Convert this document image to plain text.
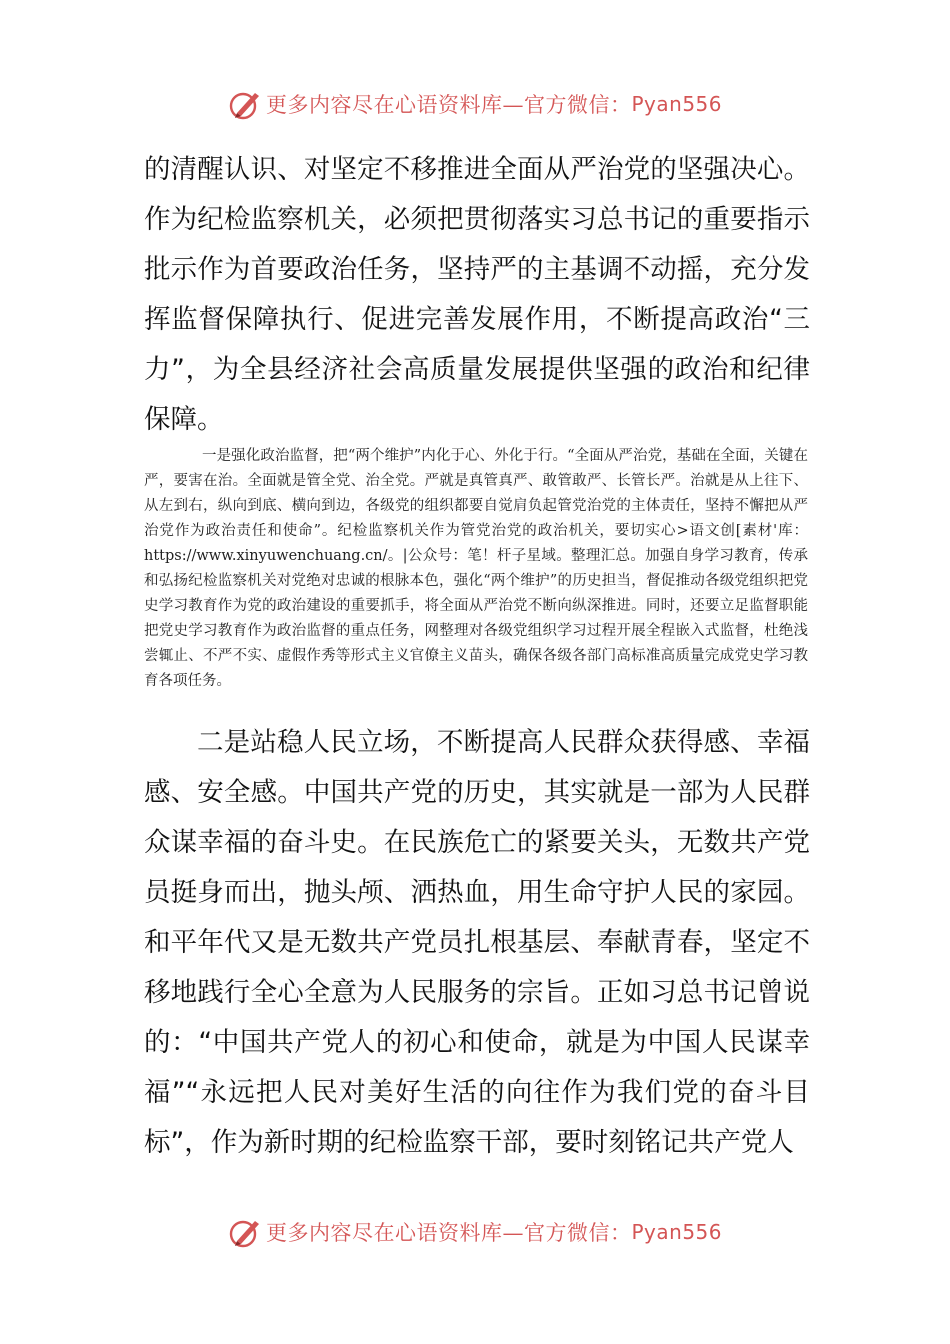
更多内容尽在心语资料库—官方微信： Pyan556

的清醒认识、对坚定不移推进全面从严治党的坚强决心。作为纪检监察机关，必须把贯彻落实习总书记的重要指示批示作为首要政治任务，坚持严的主基调不动摇，充分发挥监督保障执行、促进完善发展作用，不断提高政治“三力”，为全县经济社会高质量发展提供坚强的政治和纪律保障。

一是强化政治监督，把“两个维护”内化于心、外化于行。“全面从严治党，基础在全面，关键在严，要害在治。全面就是管全党、治全党。严就是真管真严、敢管敢严、长管长严。治就是从上往下、从左到右，纵向到底、横向到边，各级党的组织都要自觉肩负起管党治党的主体责任，坚持不懈把从严治党作为政治责任和使命”。纪检监察机关作为管党治党的政治机关，要切实心>语文创[素材'库：https://www.xinyuwenchuang.cn/。|公众号：笔！杆子星域。整理汇总。加强自身学习教育，传承和弘扬纪检监察机关对党绝对忠诚的根脉本色，强化“两个维护”的历史担当，督促推动各级党组织把党史学习教育作为党的政治建设的重要抓手，将全面从严治党不断向纵深推进。同时，还要立足监督职能把党史学习教育作为政治监督的重点任务，网整理对各级党组织学习过程开展全程嵌入式监督，杜绝浅尝辄止、不严不实、虚假作秀等形式主义官僚主义苗头，确保各级各部门高标准高质量完成党史学习教育各项任务。

二是站稳人民立场，不断提高人民群众获得感、幸福感、安全感。中国共产党的历史，其实就是一部为人民群众谋幸福的奋斗史。在民族危亡的紧要关头，无数共产党员挺身而出，抛头颅、洒热血，用生命守护人民的家园。和平年代又是无数共产党员扎根基层、奉献青春，坚定不移地践行全心全意为人民服务的宗旨。正如习总书记曾说的：“中国共产党人的初心和使命，就是为中国人民谋幸福”“永远把人民对美好生活的向往作为我们党的奋斗目标”，作为新时期的纪检监察干部，要时刻铭记共产党人

更多内容尽在心语资料库—官方微信： Pyan556
